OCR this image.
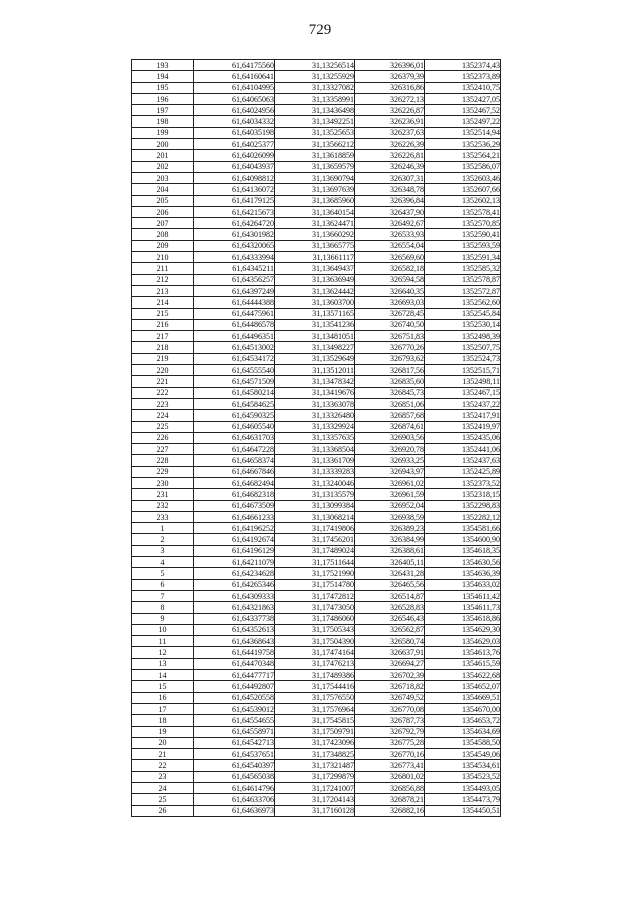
729
193	61,64175560	31,13256514	326396,01	1352374,43
194	61,64160641	31,13255929	326379,39	1352373,89
195	61,64104995	31,13327082	326316,86	1352410,75
196	61,64065063	31,13358991	326272,13	1352427,05
197	61,64024956	31,13436498	326226,87	1352467,52
198	61,64034332	31,13492251	326236,91	1352497,22
199	61,64035198	31,13525653	326237,63	1352514,94
200	61,64025377	31,13566212	326226,39	1352536,29
201	61,64026099	31,13618859	326226,81	1352564,21
202	61,64043937	31,13659579	326246,39	1352586,07
203	61,64098812	31,13690794	326307,31	1352603,46
204	61,64136072	31,13697639	326348,78	1352607,66
205	61,64179125	31,13685960	326396,84	1352602,13
206	61,64215673	31,13640154	326437,90	1352578,41
207	61,64264720	31,13624471	326492,67	1352570,85
208	61,64301982	31,13660292	326533,93	1352590,41
209	61,64320065	31,13665775	326554,04	1352593,59
210	61,64333994	31,13661117	326569,60	1352591,34
211	61,64345211	31,13649437	326582,18	1352585,32
212	61,64356257	31,13636949	326594,58	1352578,87
213	61,64397249	31,13624442	326640,35	1352572,87
214	61,64444388	31,13603700	326693,03	1352562,60
215	61,64475961	31,13571165	326728,45	1352545,84
216	61,64486578	31,13541236	326740,50	1352530,14
217	61,64496351	31,13481051	326751,83	1352498,39
218	61,64513002	31,13498227	326770,26	1352507,75
219	61,64534172	31,13529649	326793,62	1352524,73
220	61,64555540	31,13512011	326817,56	1352515,71
221	61,64571509	31,13478342	326835,60	1352498,11
222	61,64580214	31,13419676	326845,73	1352467,15
223	61,64584625	31,13363078	326851,06	1352437,22
224	61,64590325	31,13326480	326857,68	1352417,91
225	61,64605540	31,13329924	326874,61	1352419,97
226	61,64631703	31,13357635	326903,56	1352435,06
227	61,64647228	31,13368504	326920,78	1352441,06
228	61,64658374	31,13361709	326933,25	1352437,63
229	61,64667846	31,13339283	326943,97	1352425,89
230	61,64682494	31,13240046	326961,02	1352373,52
231	61,64682318	31,13135579	326961,59	1352318,15
232	61,64673509	31,13099384	326952,04	1352298,83
233	61,64661233	31,13068214	326938,59	1352282,12
1	61,64196252	31,17419806	326389,23	1354581,66
2	61,64192674	31,17456201	326384,99	1354600,90
3	61,64196129	31,17489024	326388,61	1354618,35
4	61,64211079	31,17511644	326405,11	1354630,56
5	61,64234628	31,17521990	326431,28	1354636,39
6	61,64265346	31,17514780	326465,56	1354633,02
7	61,64309333	31,17472812	326514,87	1354611,42
8	61,64321863	31,17473050	326528,83	1354611,73
9	61,64337738	31,17486060	326546,43	1354618,86
10	61,64352613	31,17505343	326562,87	1354629,30
11	61,64368643	31,17504390	326580,74	1354629,03
12	61,64419758	31,17474164	326637,91	1354613,76
13	61,64470348	31,17476213	326694,27	1354615,59
14	61,64477717	31,17489386	326702,39	1354622,68
15	61,64492807	31,17544416	326718,82	1354652,07
16	61,64520558	31,17576550	326749,52	1354669,51
17	61,64539012	31,17576964	326770,08	1354670,00
18	61,64554655	31,17545815	326787,73	1354653,72
19	61,64558971	31,17509791	326792,79	1354634,69
20	61,64542713	31,17423096	326775,28	1354588,50
21	61,64537651	31,17348825	326770,16	1354549,06
22	61,64540397	31,17321487	326773,41	1354534,61
23	61,64565038	31,17299879	326801,02	1354523,52
24	61,64614796	31,17241007	326856,88	1354493,05
25	61,64633706	31,17204143	326878,21	1354473,79
26	61,64636973	31,17160128	326882,16	1354450,51
